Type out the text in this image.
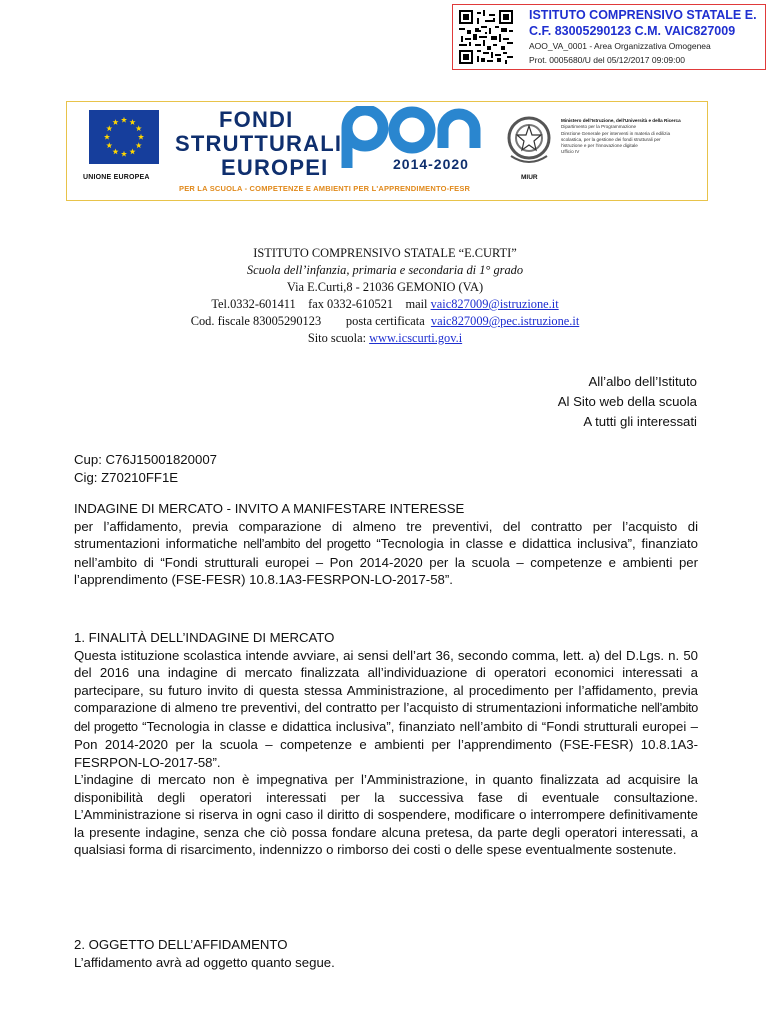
ISTITUTO COMPRENSIVO STATALE E.
C.F. 83005290123 C.M. VAIC827009
AOO_VA_0001 - Area Organizzativa Omogenea
Prot. 0005680/U del 05/12/2017 09:09:00
UNIONE EUROPEA
FONDI
STRUTTURALI
EUROPEI	2014-2020
PER LA SCUOLA - COMPETENZE E AMBIENTI PER L'APPRENDIMENTO-FESR
MIUR
Ministero dell'Istruzione, dell'Università e della Ricerca
Dipartimento per la Programmazione
Direzione Generale per interventi in materia di edilizia
scolastica, per la gestione dei fondi strutturali per
l'istruzione e per l'innovazione digitale
Ufficio IV
ISTITUTO COMPRENSIVO STATALE “E.CURTI”
Scuola dell’infanzia, primaria e secondaria di 1° grado
Via E.Curti,8 - 21036 GEMONIO (VA)
Tel.0332-601411    fax 0332-610521    mail vaic827009@istruzione.it
Cod. fiscale 83005290123        posta certificata  vaic827009@pec.istruzione.it
Sito scuola: www.icscurti.gov.i
All’albo dell’Istituto
Al Sito web della scuola
A tutti gli interessati

Cup: C76J15001820007

Cig: Z70210FF1E

INDAGINE DI MERCATO - INVITO A MANIFESTARE INTERESSE

per l’affidamento, previa comparazione di almeno tre preventivi, del contratto per l’acquisto di strumentazioni informatiche nell’ambito del progetto “Tecnologia in classe e didattica inclusiva”, finanziato nell’ambito di “Fondi strutturali europei – Pon 2014-2020 per la scuola – competenze e ambienti per l’apprendimento (FSE-FESR) 10.8.1A3-FESRPON-LO-2017-58”.

1. FINALITÀ DELL’INDAGINE DI MERCATO

Questa istituzione scolastica intende avviare, ai sensi dell’art 36, secondo comma, lett. a) del D.Lgs. n. 50 del 2016 una indagine di mercato finalizzata all’individuazione di operatori economici interessati a partecipare, su futuro invito di questa stessa Amministrazione, al procedimento per l’affidamento, previa comparazione di almeno tre preventivi, del contratto per l’acquisto di strumentazioni informatiche nell’ambito del progetto “Tecnologia in classe e didattica inclusiva”, finanziato nell’ambito di “Fondi strutturali europei – Pon 2014-2020 per la scuola – competenze e ambienti per l’apprendimento (FSE-FESR) 10.8.1A3-FESRPON-LO-2017-58”.

L’indagine di mercato non è impegnativa per l’Amministrazione, in quanto finalizzata ad acquisire la disponibilità degli operatori interessati per la successiva fase di eventuale consultazione. L’Amministrazione si riserva in ogni caso il diritto di sospendere, modificare o interrompere definitivamente la presente indagine, senza che ciò possa fondare alcuna pretesa, da parte degli operatori interessati, a qualsiasi forma di risarcimento, indennizzo o rimborso dei costi o delle spese eventualmente sostenute.

2. OGGETTO DELL’AFFIDAMENTO

L’affidamento avrà ad oggetto quanto segue.
